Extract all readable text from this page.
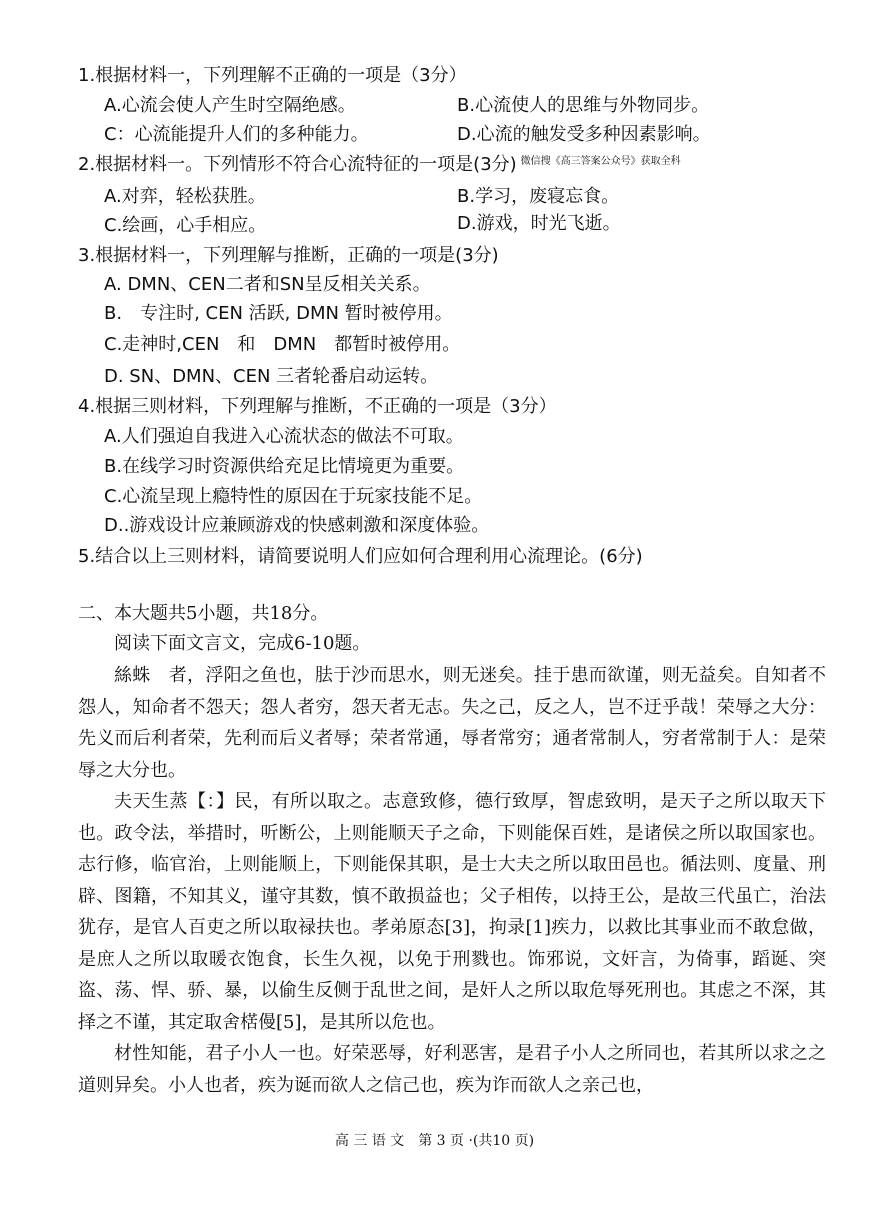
1.根据材料一，下列理解不正确的一项是（3分）
A.心流会使人产生时空隔绝感。	B.心流使人的思维与外物同步。
C：心流能提升人们的多种能力。	D.心流的触发受多种因素影响。
2.根据材料一。下列情形不符合心流特征的一项是(3分) $^{微信搜《高三答案公众号》获取全科}$
A.对弈，轻松获胜。	B.学习，废寝忘食。
C.绘画，心手相应。	D.游戏，时光飞逝。
3.根据材料一，下列理解与推断，正确的一项是(3分)
A. DMN、CEN二者和SN呈反相关关系。
B.　专注时, CEN 活跃, DMN 暂时被停用。
C.走神时,CEN　和　DMN　都暂时被停用。
D. SN、DMN、CEN 三者轮番启动运转。
4.根据三则材料，下列理解与推断，不正确的一项是（3分）
A.人们强迫自我进入心流状态的做法不可取。
B.在线学习时资源供给充足比情境更为重要。
C.心流呈现上瘾特性的原因在于玩家技能不足。
D..游戏设计应兼顾游戏的快感刺激和深度体验。
5.结合以上三则材料，请简要说明人们应如何合理利用心流理论。(6分)
二、本大题共5小题，共18分。
阅读下面文言文，完成6-10题。

絲蛛　者，浮阳之鱼也，胠于沙而思水，则无迷矣。挂于患而欲谨，则无益矣。自知者不怨人，知命者不怨天；怨人者穷，怨天者无志。失之己，反之人，岂不迂乎哉！荣辱之大分：先义而后利者荣，先利而后义者辱；荣者常通，辱者常穷；通者常制人，穷者常制于人：是荣辱之大分也。

夫天生蒸【：】民，有所以取之。志意致修，德行致厚，智虑致明，是天子之所以取天下也。政令法，举措时，听断公，上则能顺天子之命，下则能保百姓，是诸侯之所以取国家也。志行修，临官治，上则能顺上，下则能保其职，是士大夫之所以取田邑也。循法则、度量、刑辟、图籍，不知其义，谨守其数，慎不敢损益也；父子相传，以持王公，是故三代虽亡，治法犹存，是官人百吏之所以取禄扶也。孝弟原态[3]，拘录[1]疾力，以救比其事业而不敢怠做，是庶人之所以取暖衣饱食，长生久视，以免于刑戮也。饰邪说，文奸言，为倚事，蹈诞、突盗、荡、悍、骄、暴，以偷生反侧于乱世之间，是奸人之所以取危辱死刑也。其虑之不深，其择之不谨，其定取舍楛僈[5]，是其所以危也。

材性知能，君子小人一也。好荣恶辱，好利恶害，是君子小人之所同也，若其所以求之之道则异矣。小人也者，疾为诞而欲人之信己也，疾为诈而欲人之亲己也，

高 三 语 文　第 3 页 ·(共10 页)
